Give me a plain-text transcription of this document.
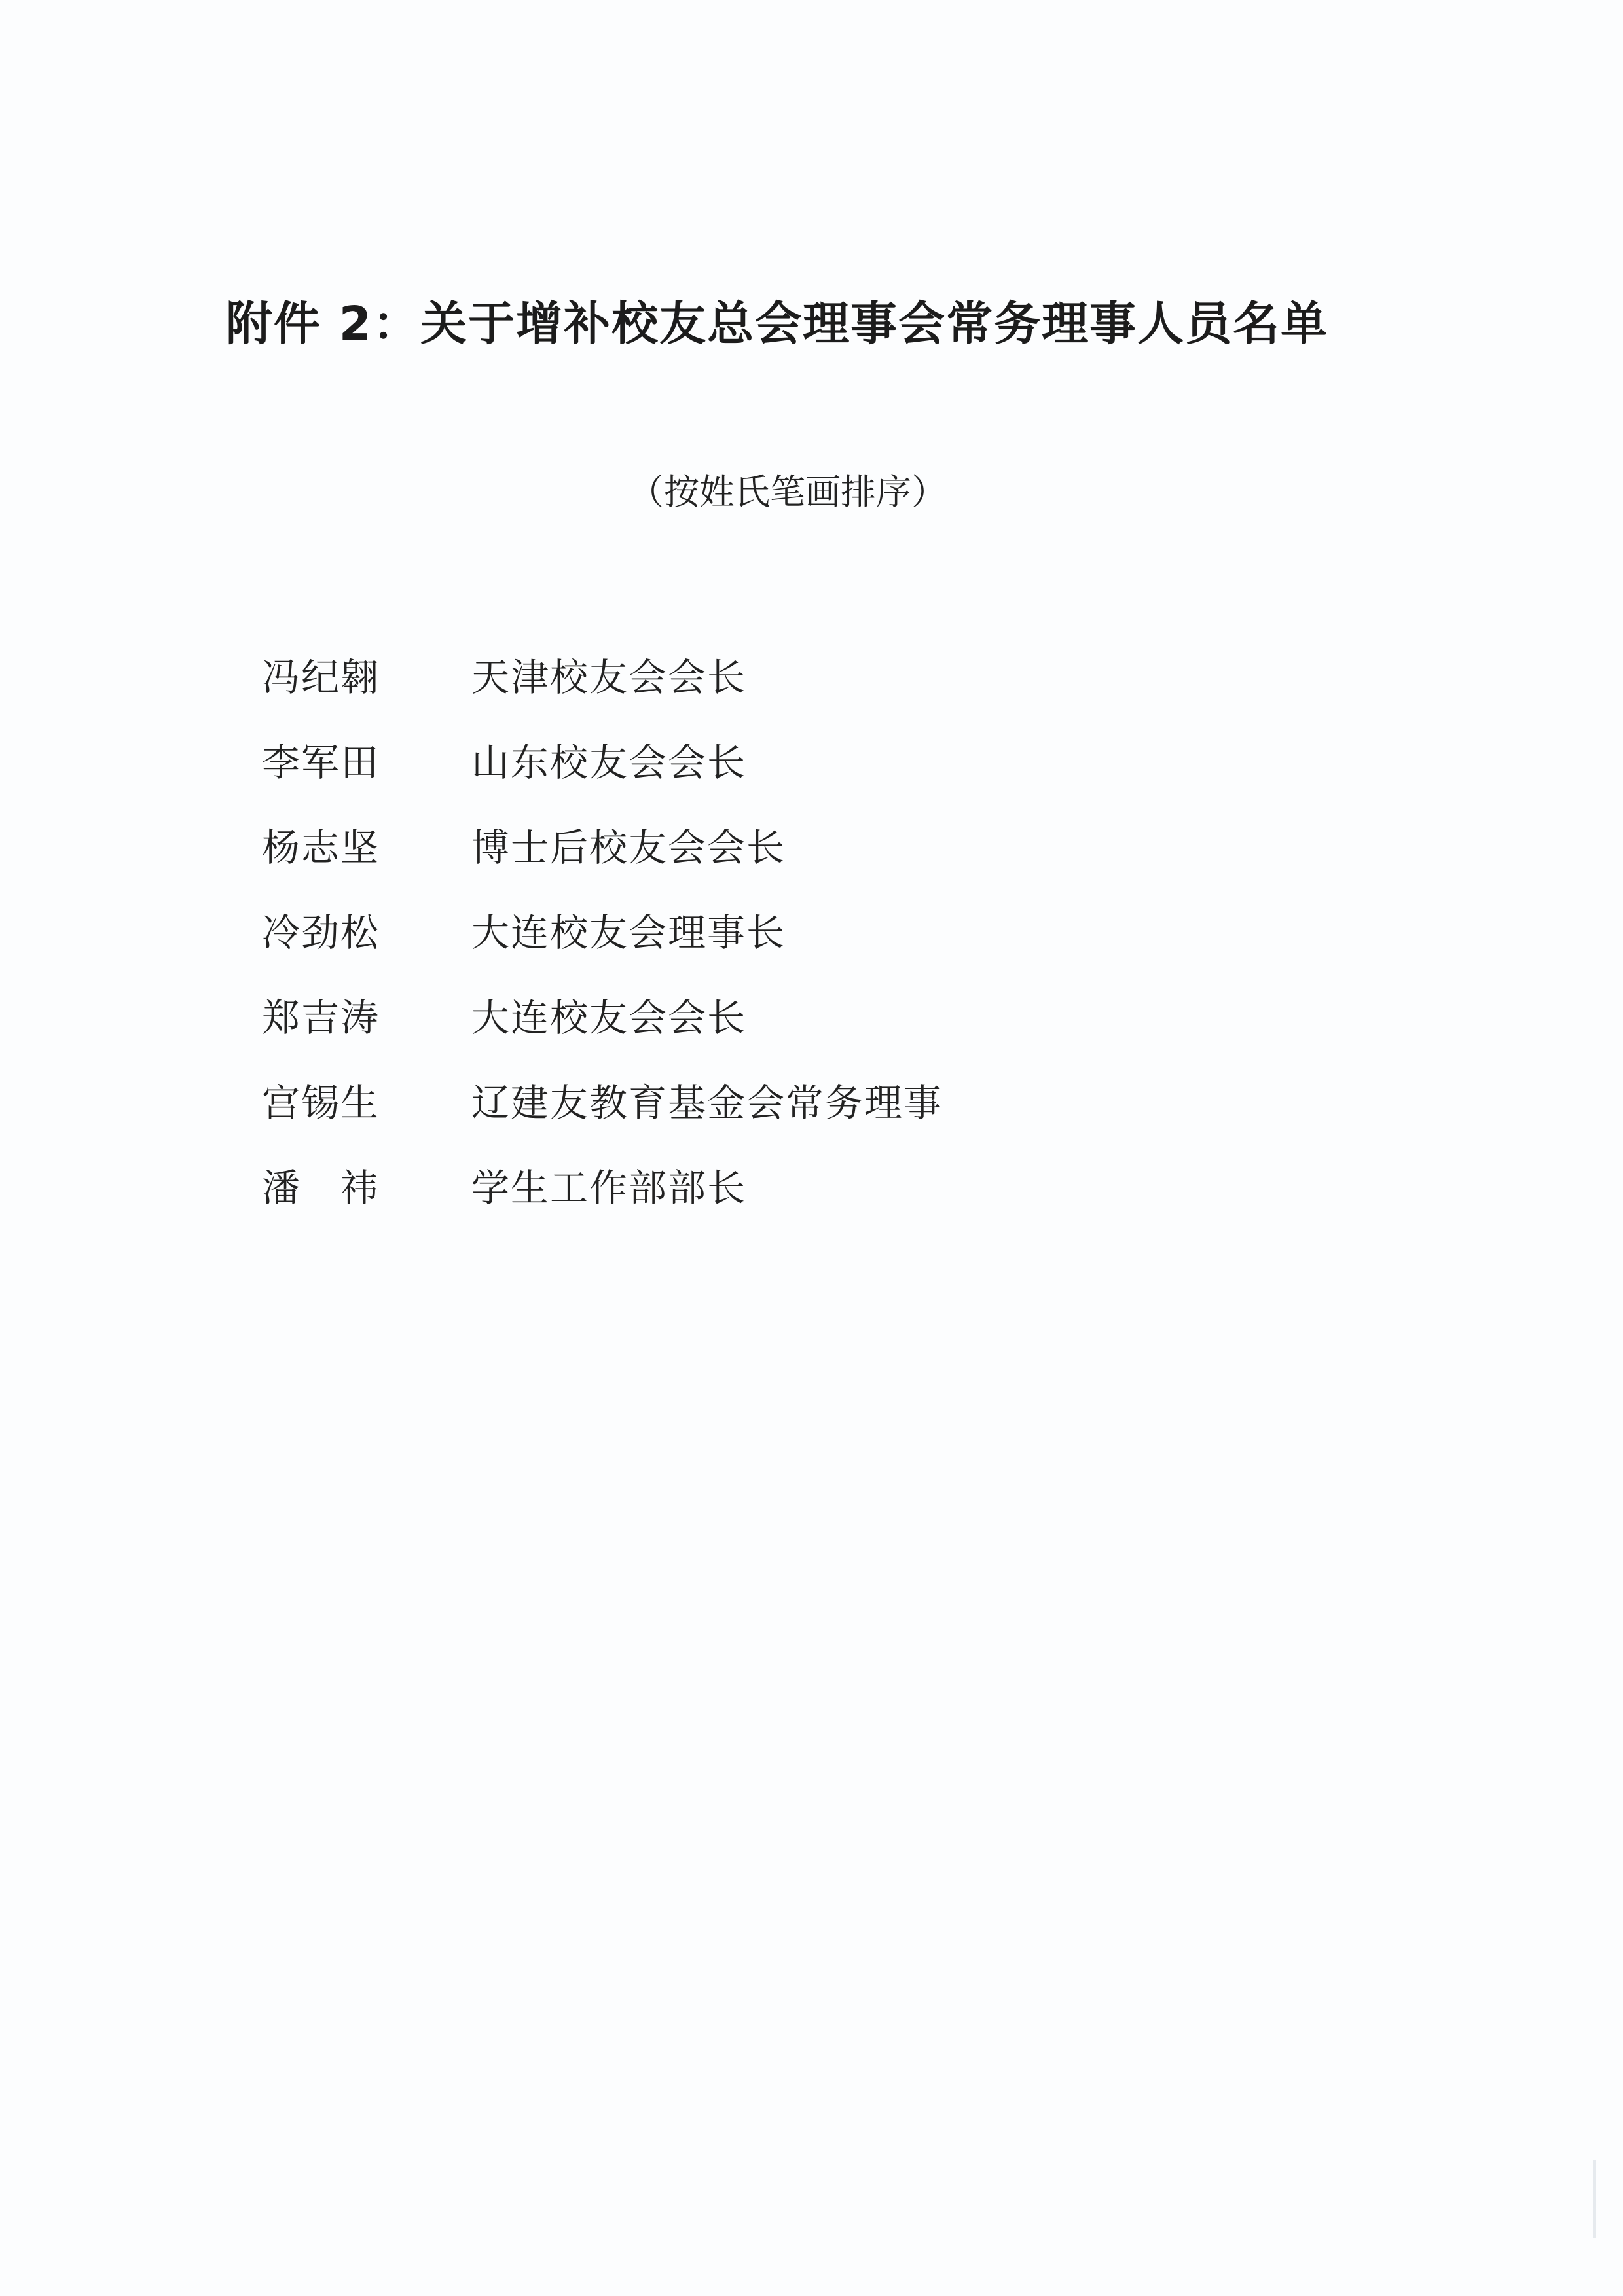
附件 2：关于增补校友总会理事会常务理事人员名单
（按姓氏笔画排序）
冯纪翱	天津校友会会长
李军田	山东校友会会长
杨志坚	博士后校友会会长
冷劲松	大连校友会理事长
郑吉涛	大连校友会会长
宫锡生	辽建友教育基金会常务理事
潘　祎	学生工作部部长
